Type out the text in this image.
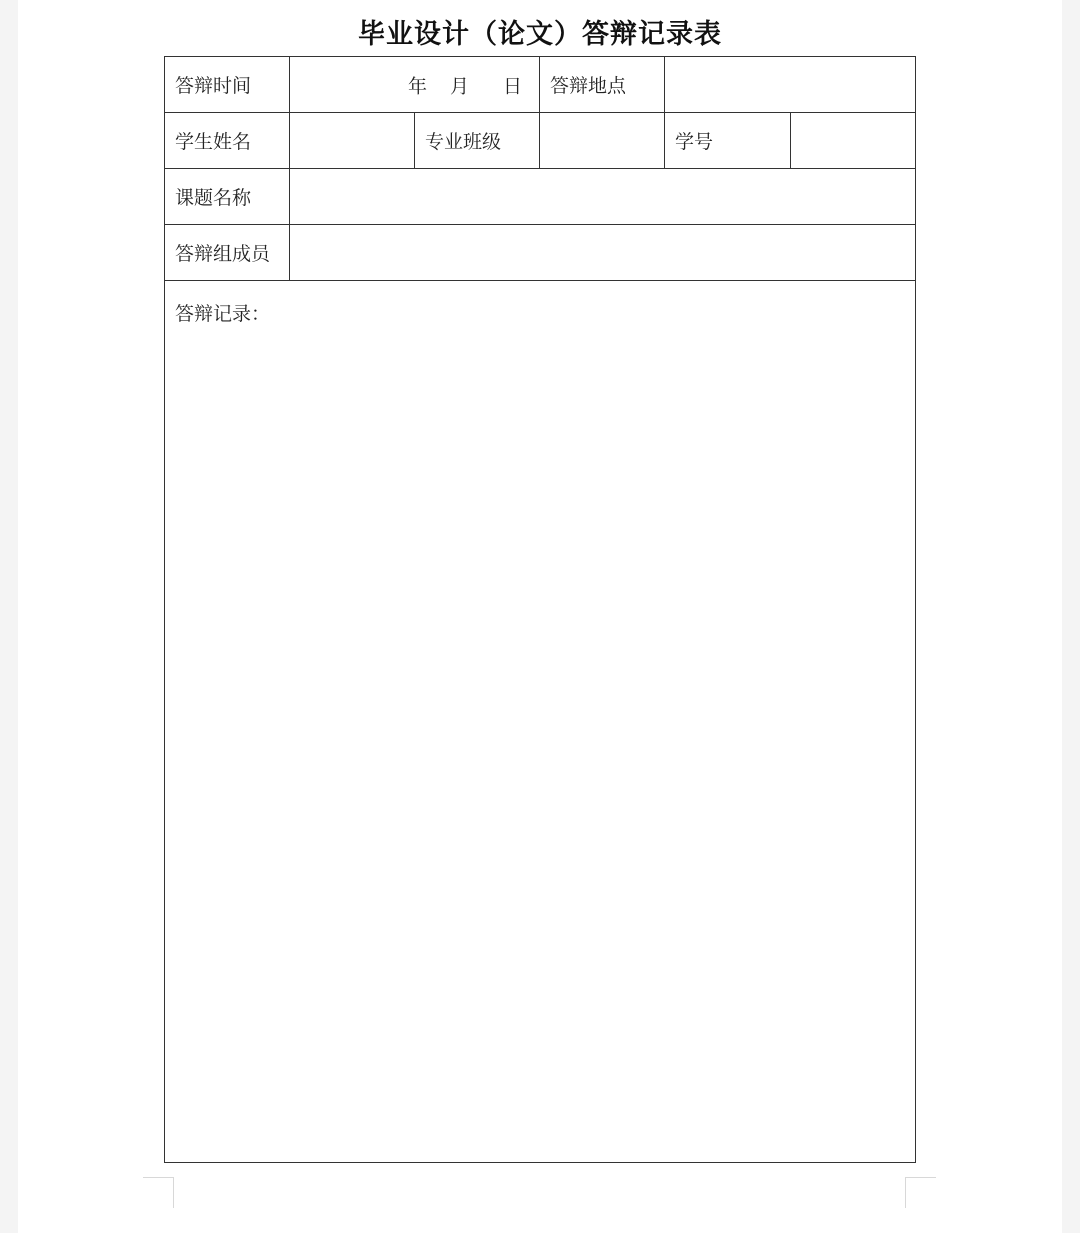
毕业设计（论文）答辩记录表
答辩时间	年 月 日		答辩地点		
学生姓名		专业班级		学号	
课题名称					
答辩组成员					
答辩记录：					
